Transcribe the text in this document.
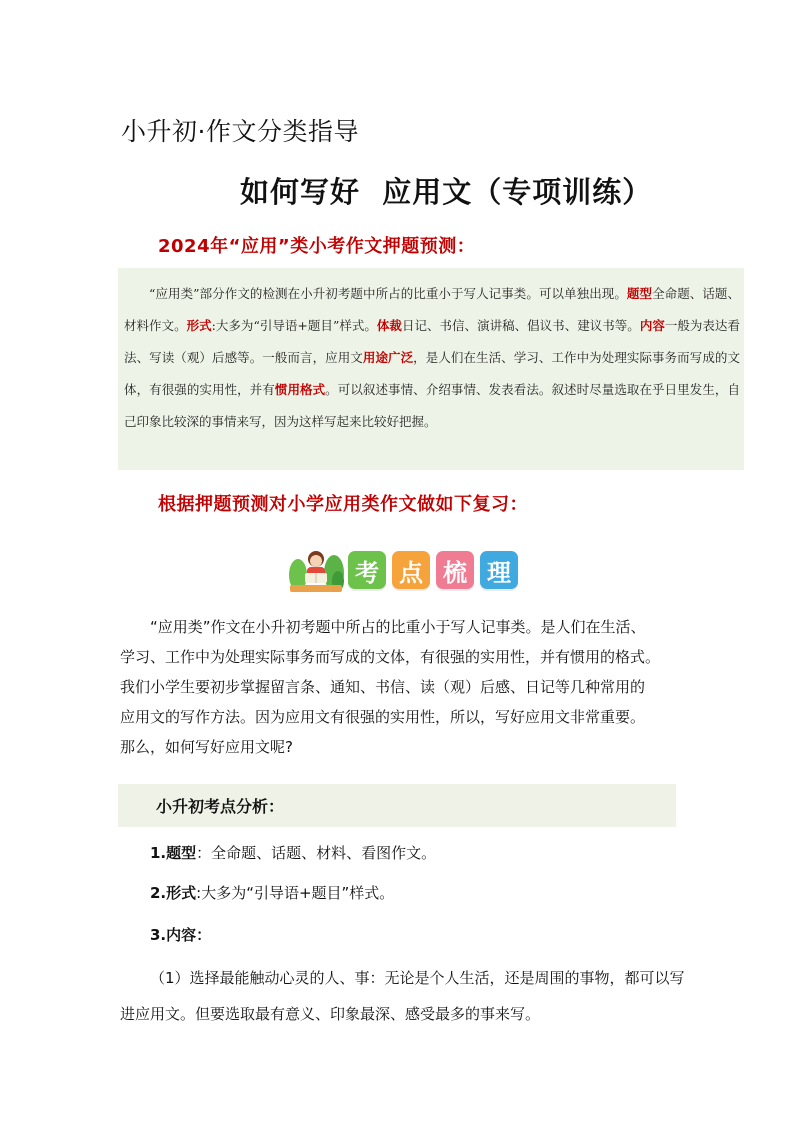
小升初·作文分类指导
如何写好  应用文（专项训练）
2024年“应用”类小考作文押题预测：

“应用类”部分作文的检测在小升初考题中所占的比重小于写人记事类。可以单独出现。题型全命题、话题、材料作文。形式:大多为“引导语+题目”样式。体裁日记、书信、演讲稿、倡议书、建议书等。内容一般为表达看法、写读（观）后感等。一般而言，应用文用途广泛，是人们在生活、学习、工作中为处理实际事务而写成的文体，有很强的实用性，并有惯用格式。可以叙述事情、介绍事情、发表看法。叙述时尽量选取在乎日里发生，自己印象比较深的事情来写，因为这样写起来比较好把握。

根据押题预测对小学应用类作文做如下复习：
考 点 梳 理

“应用类”作文在小升初考题中所占的比重小于写人记事类。是人们在生活、

学习、工作中为处理实际事务而写成的文体，有很强的实用性，并有惯用的格式。

我们小学生要初步掌握留言条、通知、书信、读（观）后感、日记等几种常用的

应用文的写作方法。因为应用文有很强的实用性，所以，写好应用文非常重要。

那么，如何写好应用文呢?

小升初考点分析：
1.题型：全命题、话题、材料、看图作文。
2.形式:大多为“引导语+题目”样式。
3.内容：

（1）选择最能触动心灵的人、事：无论是个人生活，还是周围的事物，都可以写进应用文。但要选取最有意义、印象最深、感受最多的事来写。
